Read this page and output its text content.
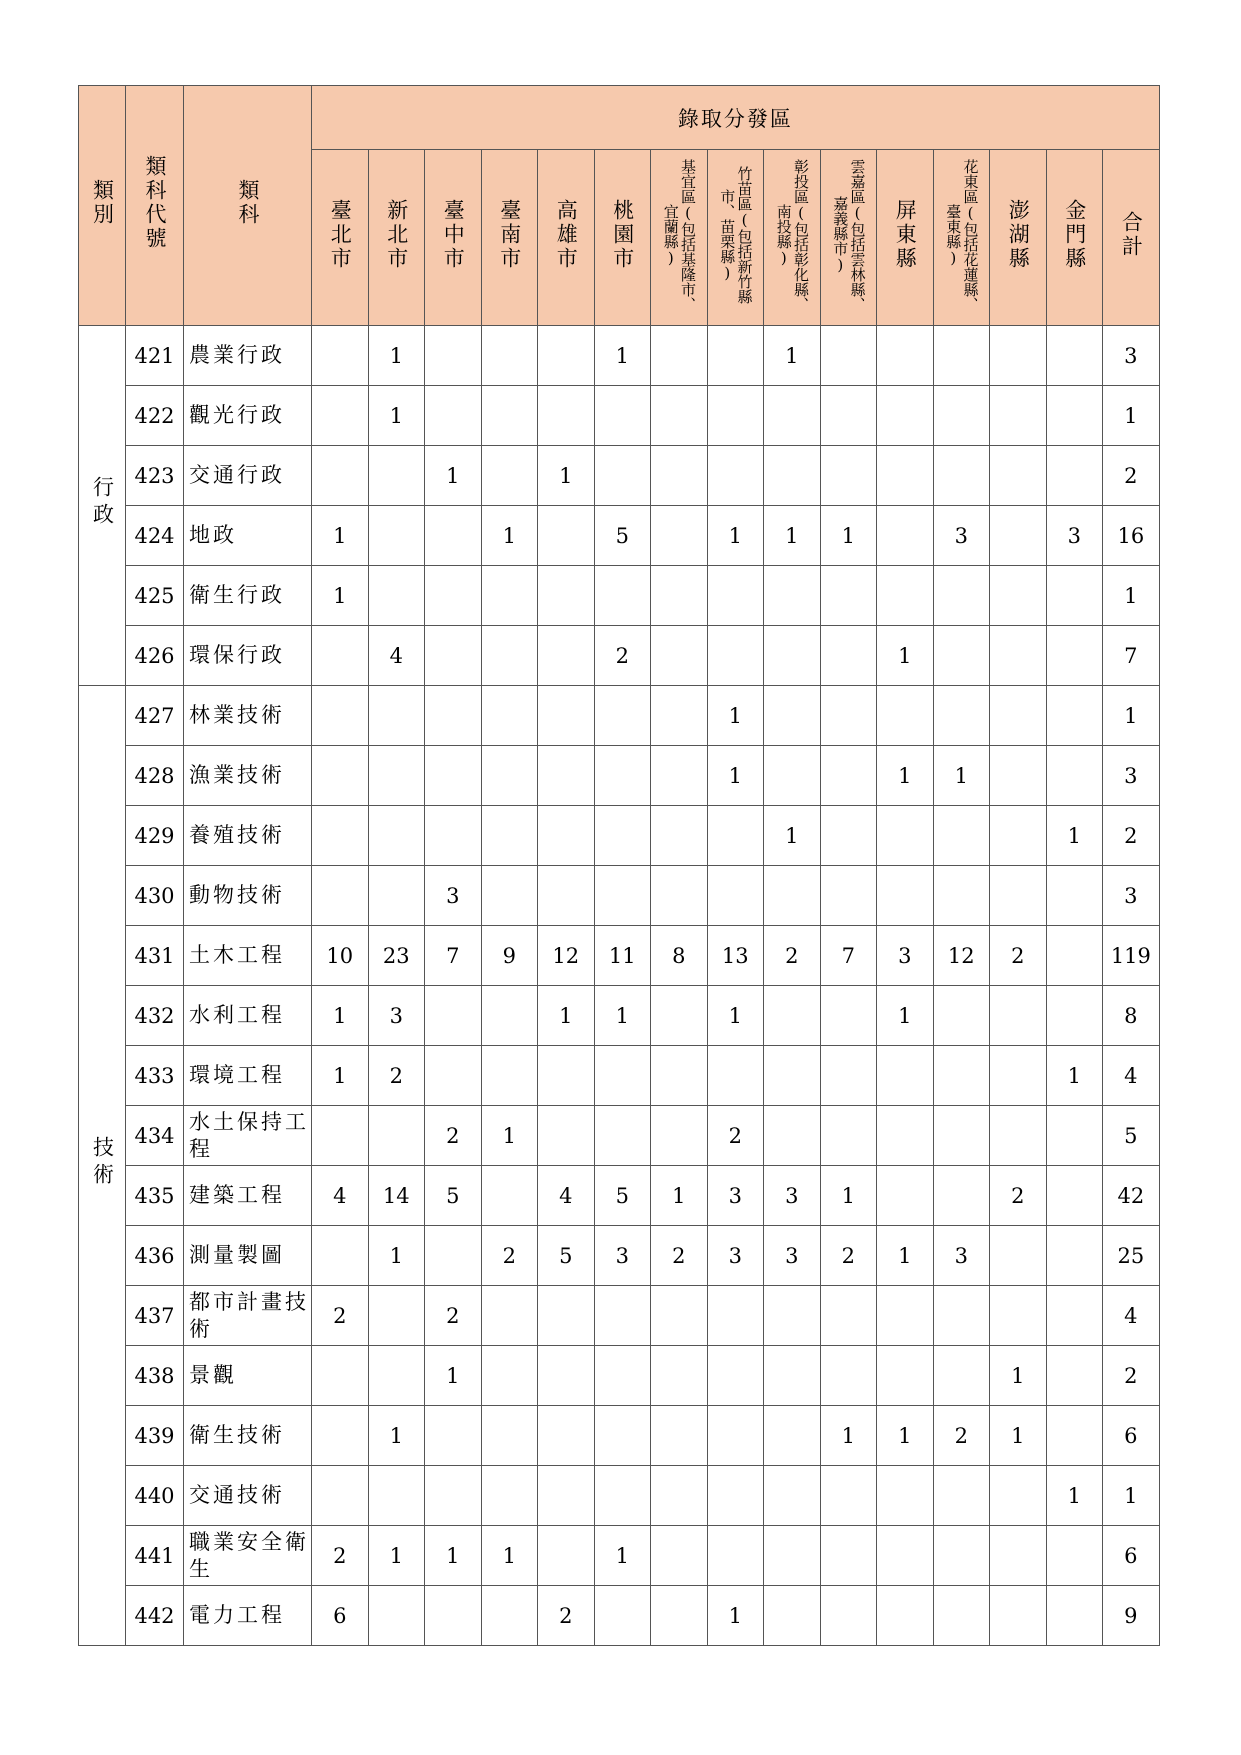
類別	類科代號	類科	錄取分發區														
			臺北市	新北市	臺中市	臺南市	高雄市	桃園市	基宜區(包括基隆市、宜蘭縣)	竹苗區(包括新竹縣市、苗栗縣)	彰投區(包括彰化縣、南投縣)	雲嘉區(包括雲林縣、嘉義縣市)	屏東縣	花東區(包括花蓮縣、臺東縣)	澎湖縣	金門縣	合計
行政	421	農業行政		1				1			1						3
	422	觀光行政		1													1
	423	交通行政			1		1										2
	424	地政	1			1		5		1	1	1		3		3	16
	425	衛生行政	1														1
	426	環保行政		4				2					1				7
技術	427	林業技術								1							1
	428	漁業技術								1			1	1			3
	429	養殖技術									1					1	2
	430	動物技術			3												3
	431	土木工程	10	23	7	9	12	11	8	13	2	7	3	12	2		119
	432	水利工程	1	3			1	1		1			1				8
	433	環境工程	1	2												1	4
	434	水土保持工程			2	1				2							5
	435	建築工程	4	14	5		4	5	1	3	3	1			2		42
	436	測量製圖		1		2	5	3	2	3	3	2	1	3			25
	437	都市計畫技術	2		2												4
	438	景觀			1										1		2
	439	衛生技術		1								1	1	2	1		6
	440	交通技術														1	1
	441	職業安全衛生	2	1	1	1		1									6
	442	電力工程	6				2			1							9
